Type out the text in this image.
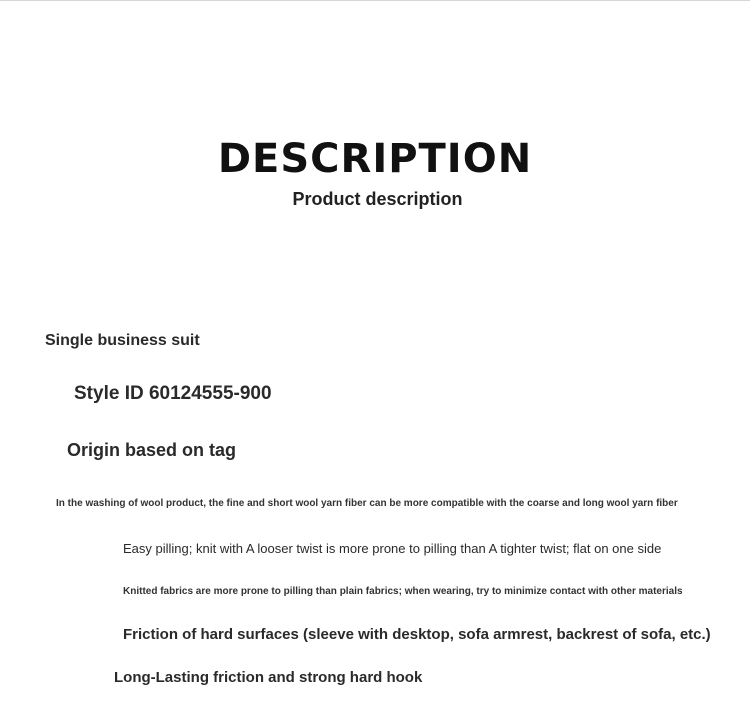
DESCRIPTION
Product description
Single business suit
Style ID 60124555-900
Origin based on tag
In the washing of wool product, the fine and short wool yarn fiber can be more compatible with the coarse and long wool yarn fiber
Easy pilling; knit with A looser twist is more prone to pilling than A tighter twist; flat on one side
Knitted fabrics are more prone to pilling than plain fabrics; when wearing, try to minimize contact with other materials
Friction of hard surfaces (sleeve with desktop, sofa armrest, backrest of sofa, etc.)
Long-Lasting friction and strong hard hook
